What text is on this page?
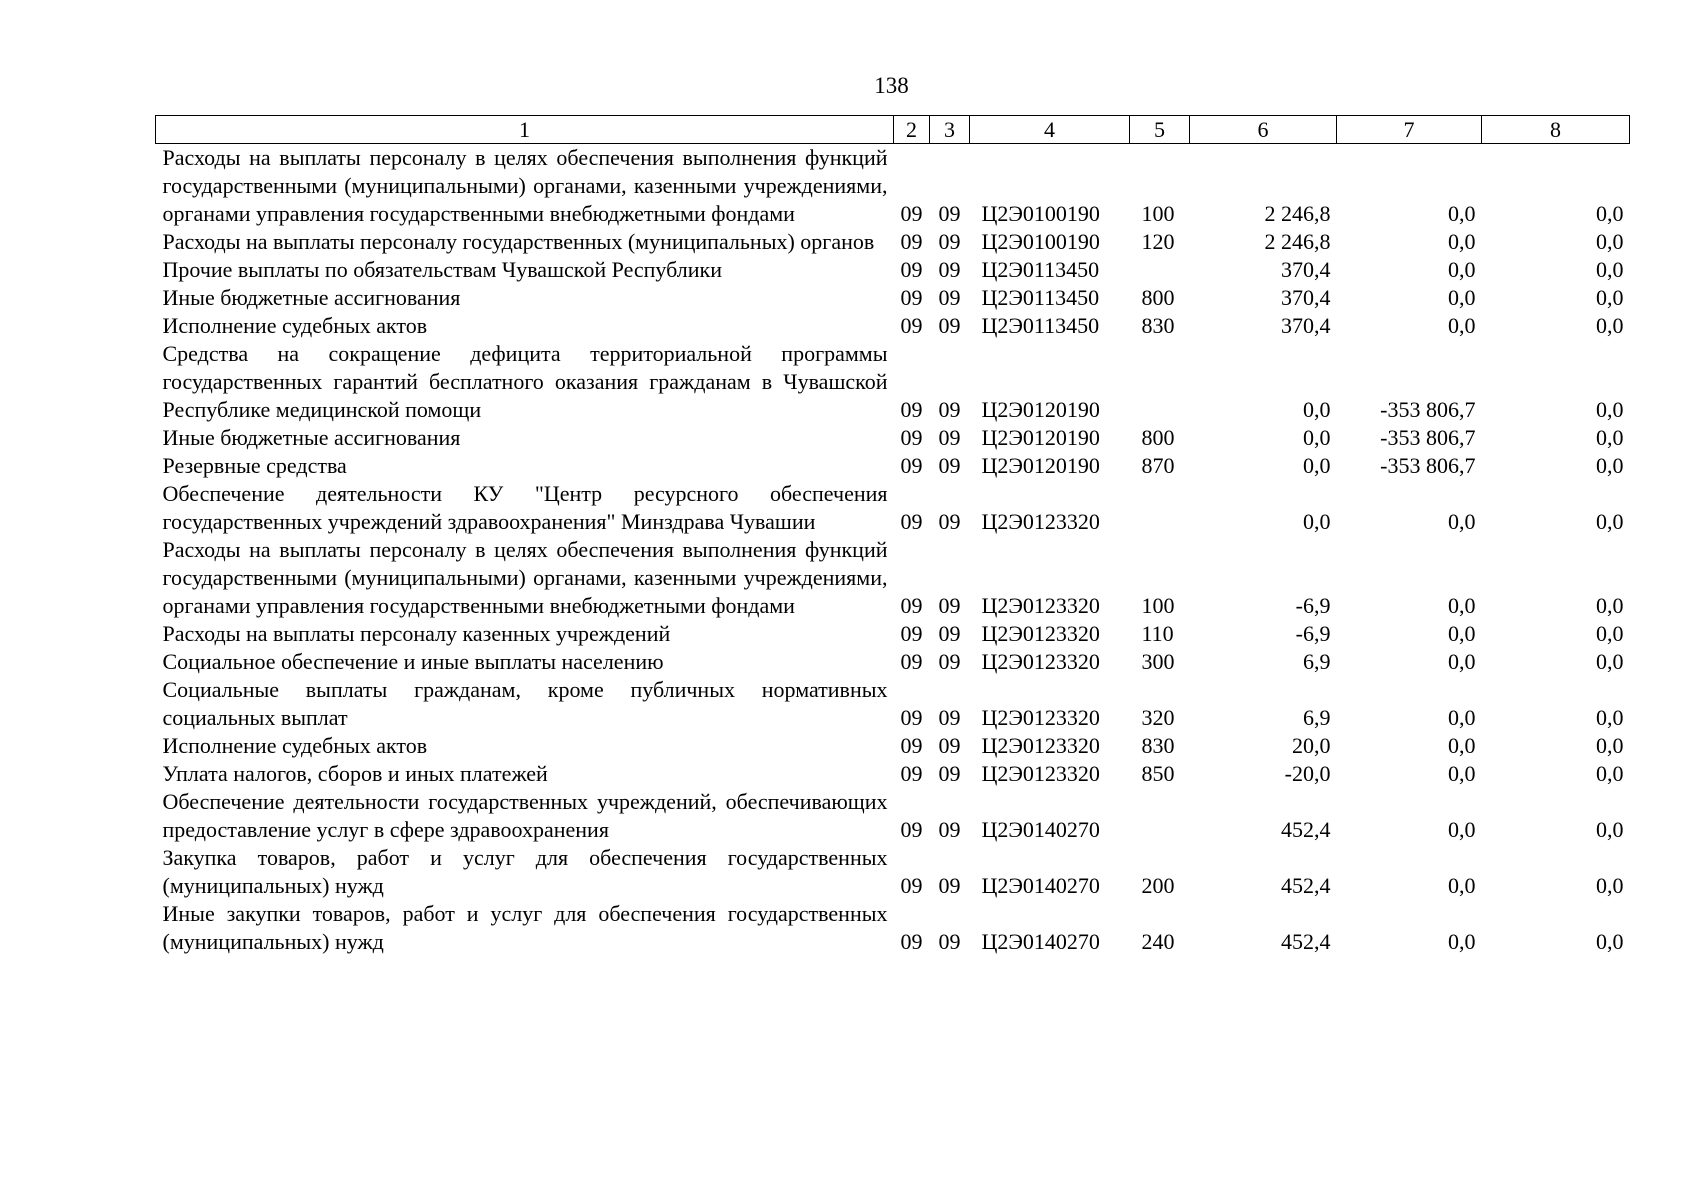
138
1	2	3	4	5	6	7	8
Расходы на выплаты персоналу в целях обеспечения выполнения функций государственными (муниципальными) органами, казенными учреждениями, органами управления государственными внебюджетными фондами	09	09	Ц2Э0100190	100	2 246,8	0,0	0,0
Расходы на выплаты персоналу государственных (муниципальных) органов	09	09	Ц2Э0100190	120	2 246,8	0,0	0,0
Прочие выплаты по обязательствам Чувашской Республики	09	09	Ц2Э0113450		370,4	0,0	0,0
Иные бюджетные ассигнования	09	09	Ц2Э0113450	800	370,4	0,0	0,0
Исполнение судебных актов	09	09	Ц2Э0113450	830	370,4	0,0	0,0
Средства на сокращение дефицита территориальной программы государственных гарантий бесплатного оказания гражданам в Чувашской Республике медицинской помощи	09	09	Ц2Э0120190		0,0	-353 806,7	0,0
Иные бюджетные ассигнования	09	09	Ц2Э0120190	800	0,0	-353 806,7	0,0
Резервные средства	09	09	Ц2Э0120190	870	0,0	-353 806,7	0,0
Обеспечение деятельности КУ "Центр ресурсного обеспечения государственных учреждений здравоохранения" Минздрава Чувашии	09	09	Ц2Э0123320		0,0	0,0	0,0
Расходы на выплаты персоналу в целях обеспечения выполнения функций государственными (муниципальными) органами, казенными учреждениями, органами управления государственными внебюджетными фондами	09	09	Ц2Э0123320	100	-6,9	0,0	0,0
Расходы на выплаты персоналу казенных учреждений	09	09	Ц2Э0123320	110	-6,9	0,0	0,0
Социальное обеспечение и иные выплаты населению	09	09	Ц2Э0123320	300	6,9	0,0	0,0
Социальные выплаты гражданам, кроме публичных нормативных социальных выплат	09	09	Ц2Э0123320	320	6,9	0,0	0,0
Исполнение судебных актов	09	09	Ц2Э0123320	830	20,0	0,0	0,0
Уплата налогов, сборов и иных платежей	09	09	Ц2Э0123320	850	-20,0	0,0	0,0
Обеспечение деятельности государственных учреждений, обеспечивающих предоставление услуг в сфере здравоохранения	09	09	Ц2Э0140270		452,4	0,0	0,0
Закупка товаров, работ и услуг для обеспечения государственных (муниципальных) нужд	09	09	Ц2Э0140270	200	452,4	0,0	0,0
Иные закупки товаров, работ и услуг для обеспечения государственных (муниципальных) нужд	09	09	Ц2Э0140270	240	452,4	0,0	0,0
